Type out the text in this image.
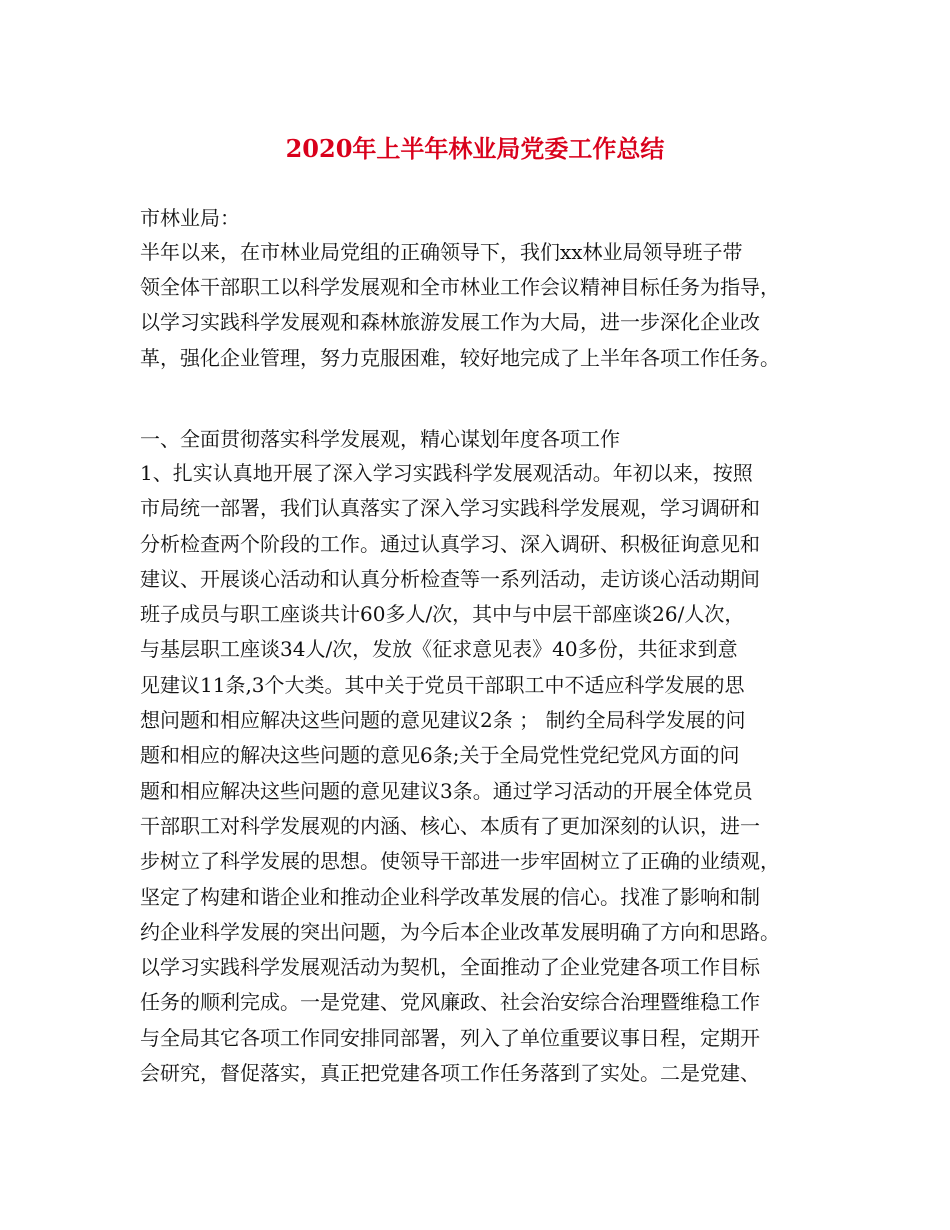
2020年上半年林业局党委工作总结
市林业局：
半年以来，在市林业局党组的正确领导下，我们xx林业局领导班子带
领全体干部职工以科学发展观和全市林业工作会议精神目标任务为指导，
以学习实践科学发展观和森林旅游发展工作为大局，进一步深化企业改
革，强化企业管理，努力克服困难，较好地完成了上半年各项工作任务。
一、全面贯彻落实科学发展观，精心谋划年度各项工作
1、扎实认真地开展了深入学习实践科学发展观活动。年初以来，按照
市局统一部署，我们认真落实了深入学习实践科学发展观，学习调研和
分析检查两个阶段的工作。通过认真学习、深入调研、积极征询意见和
建议、开展谈心活动和认真分析检查等一系列活动，走访谈心活动期间
班子成员与职工座谈共计60多人/次，其中与中层干部座谈26/人次，
与基层职工座谈34人/次，发放《征求意见表》40多份，共征求到意
见建议11条,3个大类。其中关于党员干部职工中不适应科学发展的思
想问题和相应解决这些问题的意见建议2条 ； 制约全局科学发展的问
题和相应的解决这些问题的意见6条;关于全局党性党纪党风方面的问
题和相应解决这些问题的意见建议3条。通过学习活动的开展全体党员
干部职工对科学发展观的内涵、核心、本质有了更加深刻的认识，进一
步树立了科学发展的思想。使领导干部进一步牢固树立了正确的业绩观，
坚定了构建和谐企业和推动企业科学改革发展的信心。找准了影响和制
约企业科学发展的突出问题，为今后本企业改革发展明确了方向和思路。
以学习实践科学发展观活动为契机，全面推动了企业党建各项工作目标
任务的顺利完成。一是党建、党风廉政、社会治安综合治理暨维稳工作
与全局其它各项工作同安排同部署，列入了单位重要议事日程，定期开
会研究，督促落实，真正把党建各项工作任务落到了实处。二是党建、
